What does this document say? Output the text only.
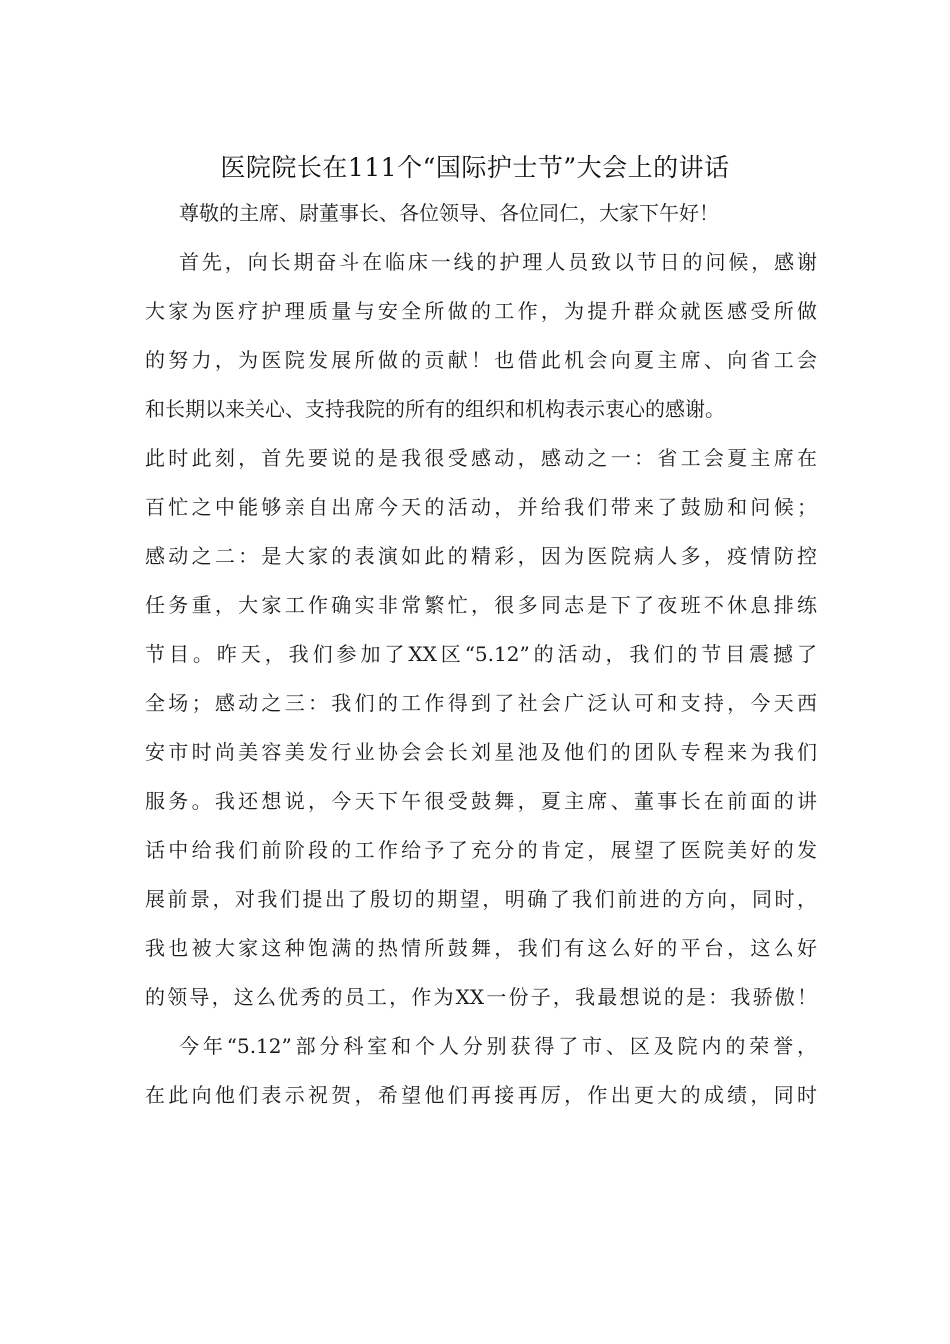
医院院长在111个“国际护士节”大会上的讲话
尊敬的主席、尉董事长、各位领导、各位同仁，大家下午好！
首先，向长期奋斗在临床一线的护理人员致以节日的问候，感谢
大家为医疗护理质量与安全所做的工作，为提升群众就医感受所做
的努力，为医院发展所做的贡献！也借此机会向夏主席、向省工会
和长期以来关心、支持我院的所有的组织和机构表示衷心的感谢。
此时此刻，首先要说的是我很受感动，感动之一：省工会夏主席在
百忙之中能够亲自出席今天的活动，并给我们带来了鼓励和问候；
感动之二：是大家的表演如此的精彩，因为医院病人多，疫情防控
任务重，大家工作确实非常繁忙，很多同志是下了夜班不休息排练
节目。昨天，我们参加了XX区“5.12”的活动，我们的节目震撼了
全场；感动之三：我们的工作得到了社会广泛认可和支持，今天西
安市时尚美容美发行业协会会长刘星池及他们的团队专程来为我们
服务。我还想说，今天下午很受鼓舞，夏主席、董事长在前面的讲
话中给我们前阶段的工作给予了充分的肯定，展望了医院美好的发
展前景，对我们提出了殷切的期望，明确了我们前进的方向，同时，
我也被大家这种饱满的热情所鼓舞，我们有这么好的平台，这么好
的领导，这么优秀的员工，作为XX一份子，我最想说的是：我骄傲！
今年“5.12”部分科室和个人分别获得了市、区及院内的荣誉，
在此向他们表示祝贺，希望他们再接再厉，作出更大的成绩，同时
